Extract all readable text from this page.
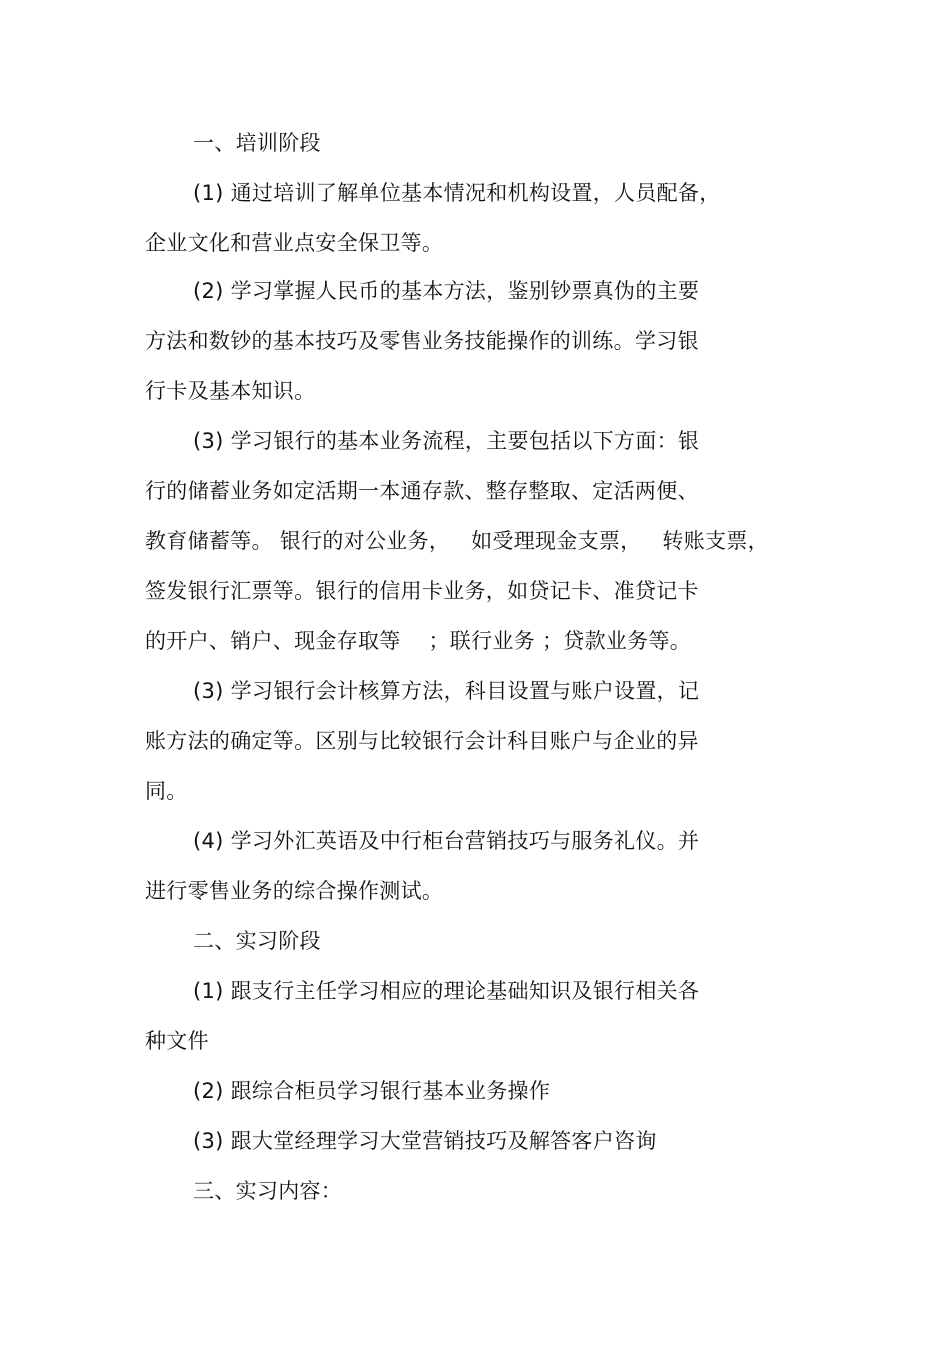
一、培训阶段
(1) 通过培训了解单位基本情况和机构设置，人员配备，
企业文化和营业点安全保卫等。
(2) 学习掌握人民币的基本方法，鉴别钞票真伪的主要
方法和数钞的基本技巧及零售业务技能操作的训练。学习银
行卡及基本知识。
(3) 学习银行的基本业务流程，主要包括以下方面：银
行的储蓄业务如定活期一本通存款、整存整取、定活两便、
教育储蓄等。 银行的对公业务，   如受理现金支票，   转账支票，
签发银行汇票等。银行的信用卡业务，如贷记卡、准贷记卡
的开户、销户、现金存取等    ；联行业务 ；贷款业务等。
(3) 学习银行会计核算方法，科目设置与账户设置，记
账方法的确定等。区别与比较银行会计科目账户与企业的异
同。
(4) 学习外汇英语及中行柜台营销技巧与服务礼仪。并
进行零售业务的综合操作测试。
二、实习阶段
(1) 跟支行主任学习相应的理论基础知识及银行相关各
种文件
(2) 跟综合柜员学习银行基本业务操作
(3) 跟大堂经理学习大堂营销技巧及解答客户咨询
三、实习内容：
